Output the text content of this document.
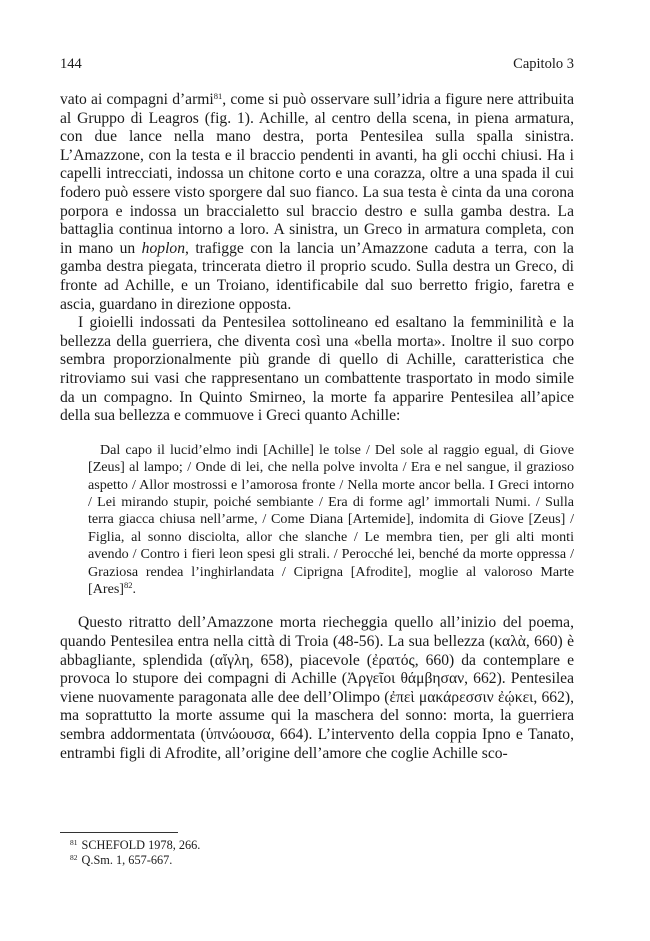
144	Capitolo 3

vato ai compagni d’armi$^{81}$, come si può osservare sull’idria a figure nere attribuita al Gruppo di Leagros (fig. 1). Achille, al centro della scena, in piena armatura, con due lance nella mano destra, porta Pentesilea sulla spalla sinistra. L’Amazzone, con la testa e il braccio pendenti in avanti, ha gli occhi chiusi. Ha i capelli intrecciati, indossa un chitone corto e una corazza, oltre a una spada il cui fodero può essere visto sporgere dal suo fianco. La sua testa è cinta da una corona porpora e indossa un braccialetto sul braccio destro e sulla gamba destra. La battaglia continua intorno a loro. A sinistra, un Greco in armatura completa, con in mano un hoplon, trafigge con la lancia un’Amazzone caduta a terra, con la gamba destra piegata, trincerata dietro il proprio scudo. Sulla destra un Greco, di fronte ad Achille, e un Troiano, identificabile dal suo berretto frigio, faretra e ascia, guardano in direzione opposta.

I gioielli indossati da Pentesilea sottolineano ed esaltano la femminilità e la bellezza della guerriera, che diventa così una «bella morta». Inoltre il suo corpo sembra proporzionalmente più grande di quello di Achille, caratteristica che ritroviamo sui vasi che rappresentano un combattente trasportato in modo simile da un compagno. In Quinto Smirneo, la morte fa apparire Pentesilea all’apice della sua bellezza e commuove i Greci quanto Achille:

Dal capo il lucid’elmo indi [Achille] le tolse / Del sole al raggio egual, di Giove [Zeus] al lampo; / Onde di lei, che nella polve involta / Era e nel sangue, il grazioso aspetto / Allor mostrossi e l’amorosa fronte / Nella morte ancor bella. I Greci intorno / Lei mirando stupir, poiché sembiante / Era di forme agl’ immortali Numi. / Sulla terra giacca chiusa nell’arme, / Come Diana [Artemide], indomita di Giove [Zeus] / Figlia, al sonno disciolta, allor che slanche / Le membra tien, per gli alti monti avendo / Contro i fieri leon spesi gli strali. / Perocché lei, benché da morte oppressa / Graziosa rendea l’inghirlandata / Ciprigna [Afrodite], moglie al valoroso Marte [Ares]$^{82}$.

Questo ritratto dell’Amazzone morta riecheggia quello all’inizio del poema, quando Pentesilea entra nella città di Troia (48-56). La sua bellezza (καλὰ, 660) è abbagliante, splendida (αἴγλη, 658), piacevole (ἐρατός, 660) da contemplare e provoca lo stupore dei compagni di Achille (Ἀργεῖοι θάμβησαν, 662). Pentesilea viene nuovamente paragonata alle dee dell’Olimpo (ἐπεὶ μακάρεσσιν ἐῴκει, 662), ma soprattutto la morte assume qui la maschera del sonno: morta, la guerriera sembra addormentata (ὑπνώουσα, 664). L’intervento della coppia Ipno e Tanato, entrambi figli di Afrodite, all’origine dell’amore che coglie Achille sco-

$^{81}$ SCHEFOLD 1978, 266.
$^{82}$ Q.Sm. 1, 657-667.
